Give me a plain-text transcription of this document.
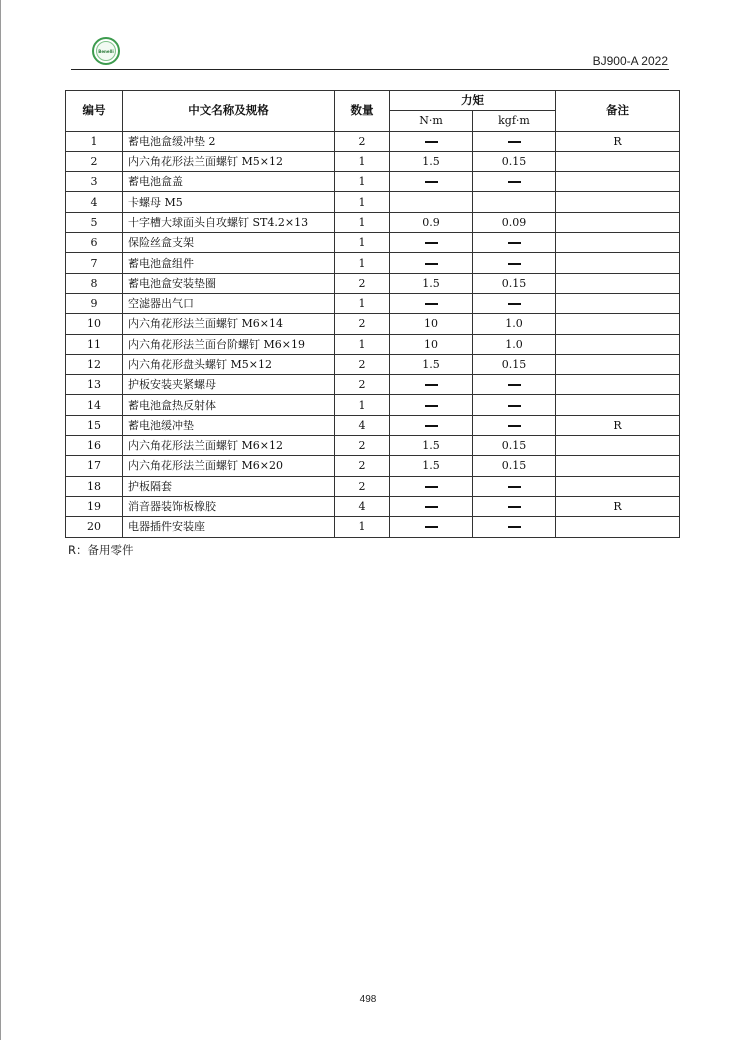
Benelli
BJ900-A 2022
编号	中文名称及规格	数量	力矩		备注
			N·m	kgf·m	
1	蓄电池盒缓冲垫 2	2			R
2	内六角花形法兰面螺钉 M5×12	1	1.5	0.15	
3	蓄电池盒盖	1			
4	卡螺母 M5	1			
5	十字槽大球面头自攻螺钉 ST4.2×13	1	0.9	0.09	
6	保险丝盒支架	1			
7	蓄电池盒组件	1			
8	蓄电池盒安装垫圈	2	1.5	0.15	
9	空滤器出气口	1			
10	内六角花形法兰面螺钉 M6×14	2	10	1.0	
11	内六角花形法兰面台阶螺钉 M6×19	1	10	1.0	
12	内六角花形盘头螺钉 M5×12	2	1.5	0.15	
13	护板安装夹紧螺母	2			
14	蓄电池盒热反射体	1			
15	蓄电池缓冲垫	4			R
16	内六角花形法兰面螺钉 M6×12	2	1.5	0.15	
17	内六角花形法兰面螺钉 M6×20	2	1.5	0.15	
18	护板隔套	2			
19	消音器装饰板橡胶	4			R
20	电器插件安装座	1			
R：备用零件
498
